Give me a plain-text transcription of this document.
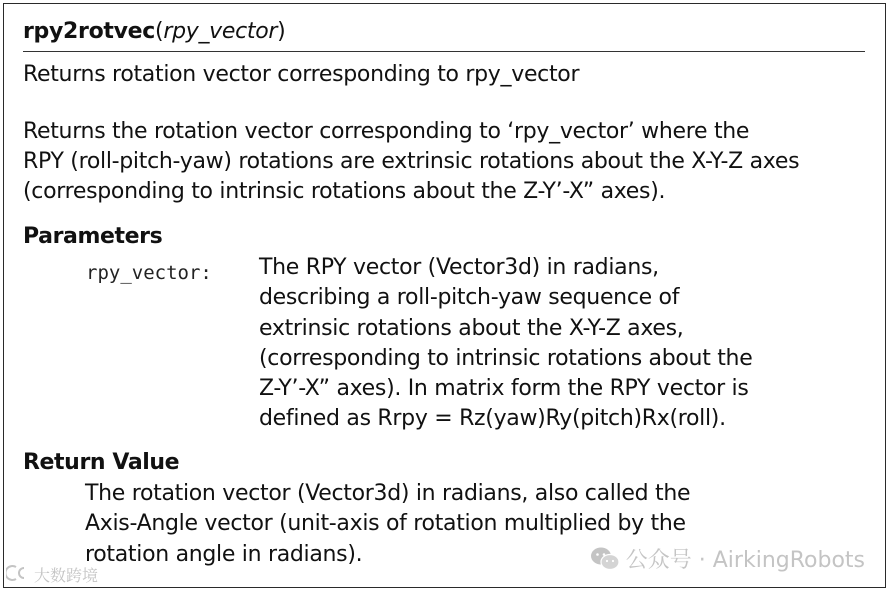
rpy2rotvec(rpy_vector)
Returns rotation vector corresponding to rpy_vector
Returns the rotation vector corresponding to ‘rpy_vector’ where the
RPY (roll-pitch-yaw) rotations are extrinsic rotations about the X-Y-Z axes
(corresponding to intrinsic rotations about the Z-Y’-X” axes).
Parameters
rpy_vector: The RPY vector (Vector3d) in radians,
describing a roll-pitch-yaw sequence of
extrinsic rotations about the X-Y-Z axes,
(corresponding to intrinsic rotations about the
Z-Y’-X” axes). In matrix form the RPY vector is
defined as Rrpy = Rz(yaw)Ry(pitch)Rx(roll).
Return Value
The rotation vector (Vector3d) in radians, also called the
Axis-Angle vector (unit-axis of rotation multiplied by the
rotation angle in radians).	公众号 · AirkingRobots
大数跨境
